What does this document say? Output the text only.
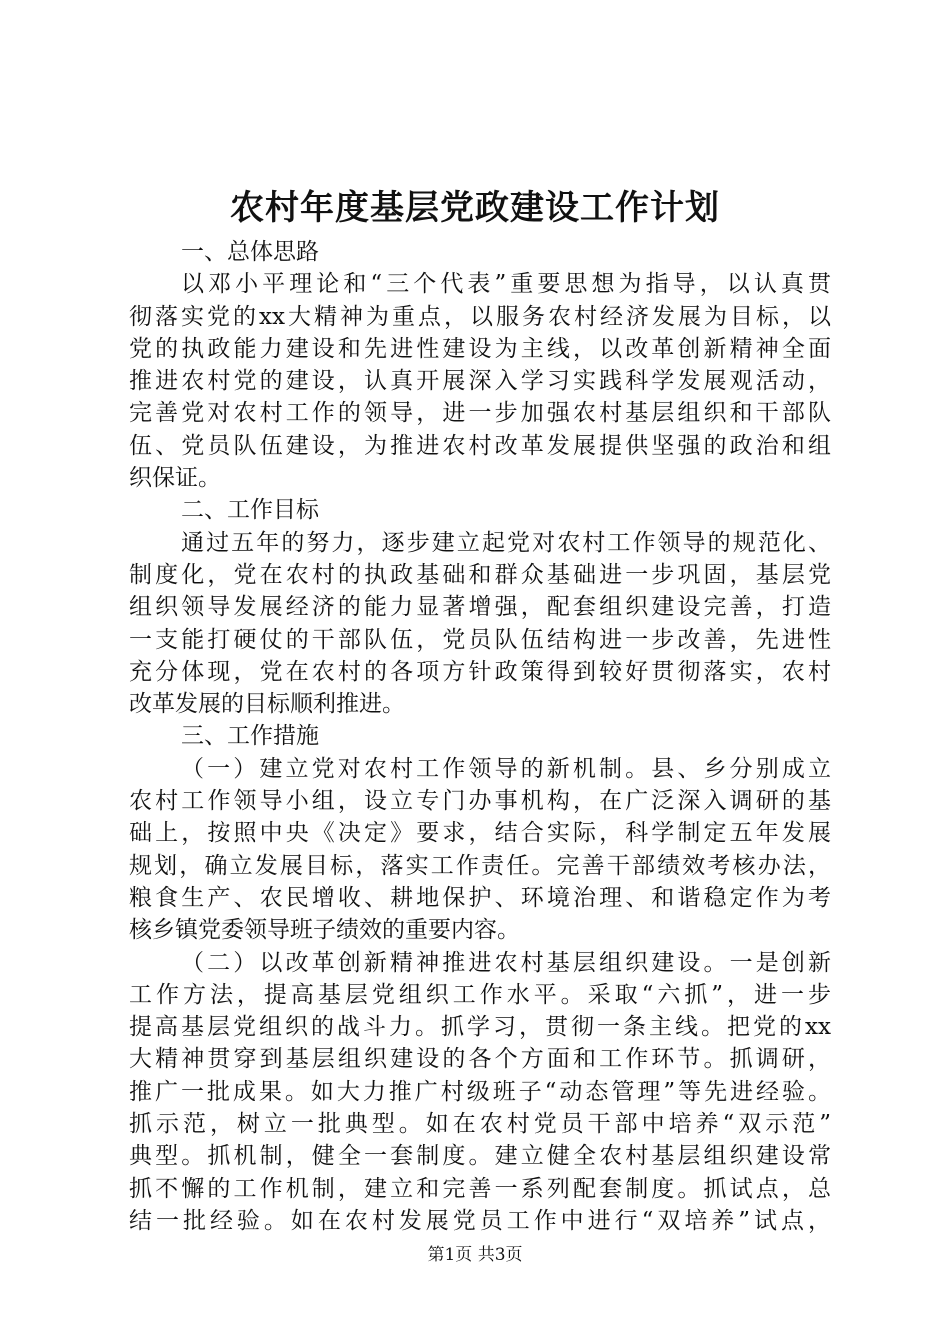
农村年度基层党政建设工作计划
一、总体思路
以邓小平理论和“三个代表”重要思想为指导，以认真贯
彻落实党的xx大精神为重点，以服务农村经济发展为目标，以
党的执政能力建设和先进性建设为主线，以改革创新精神全面
推进农村党的建设，认真开展深入学习实践科学发展观活动，
完善党对农村工作的领导，进一步加强农村基层组织和干部队
伍、党员队伍建设，为推进农村改革发展提供坚强的政治和组
织保证。
二、工作目标
通过五年的努力，逐步建立起党对农村工作领导的规范化、
制度化，党在农村的执政基础和群众基础进一步巩固，基层党
组织领导发展经济的能力显著增强，配套组织建设完善，打造
一支能打硬仗的干部队伍，党员队伍结构进一步改善，先进性
充分体现，党在农村的各项方针政策得到较好贯彻落实，农村
改革发展的目标顺利推进。
三、工作措施
（一）建立党对农村工作领导的新机制。县、乡分别成立
农村工作领导小组，设立专门办事机构，在广泛深入调研的基
础上，按照中央《决定》要求，结合实际，科学制定五年发展
规划，确立发展目标，落实工作责任。完善干部绩效考核办法，
粮食生产、农民增收、耕地保护、环境治理、和谐稳定作为考
核乡镇党委领导班子绩效的重要内容。
（二）以改革创新精神推进农村基层组织建设。一是创新
工作方法，提高基层党组织工作水平。采取“六抓”，进一步
提高基层党组织的战斗力。抓学习，贯彻一条主线。把党的xx
大精神贯穿到基层组织建设的各个方面和工作环节。抓调研，
推广一批成果。如大力推广村级班子“动态管理”等先进经验。
抓示范，树立一批典型。如在农村党员干部中培养“双示范”
典型。抓机制，健全一套制度。建立健全农村基层组织建设常
抓不懈的工作机制，建立和完善一系列配套制度。抓试点，总
结一批经验。如在农村发展党员工作中进行“双培养”试点，
第1页 共3页
